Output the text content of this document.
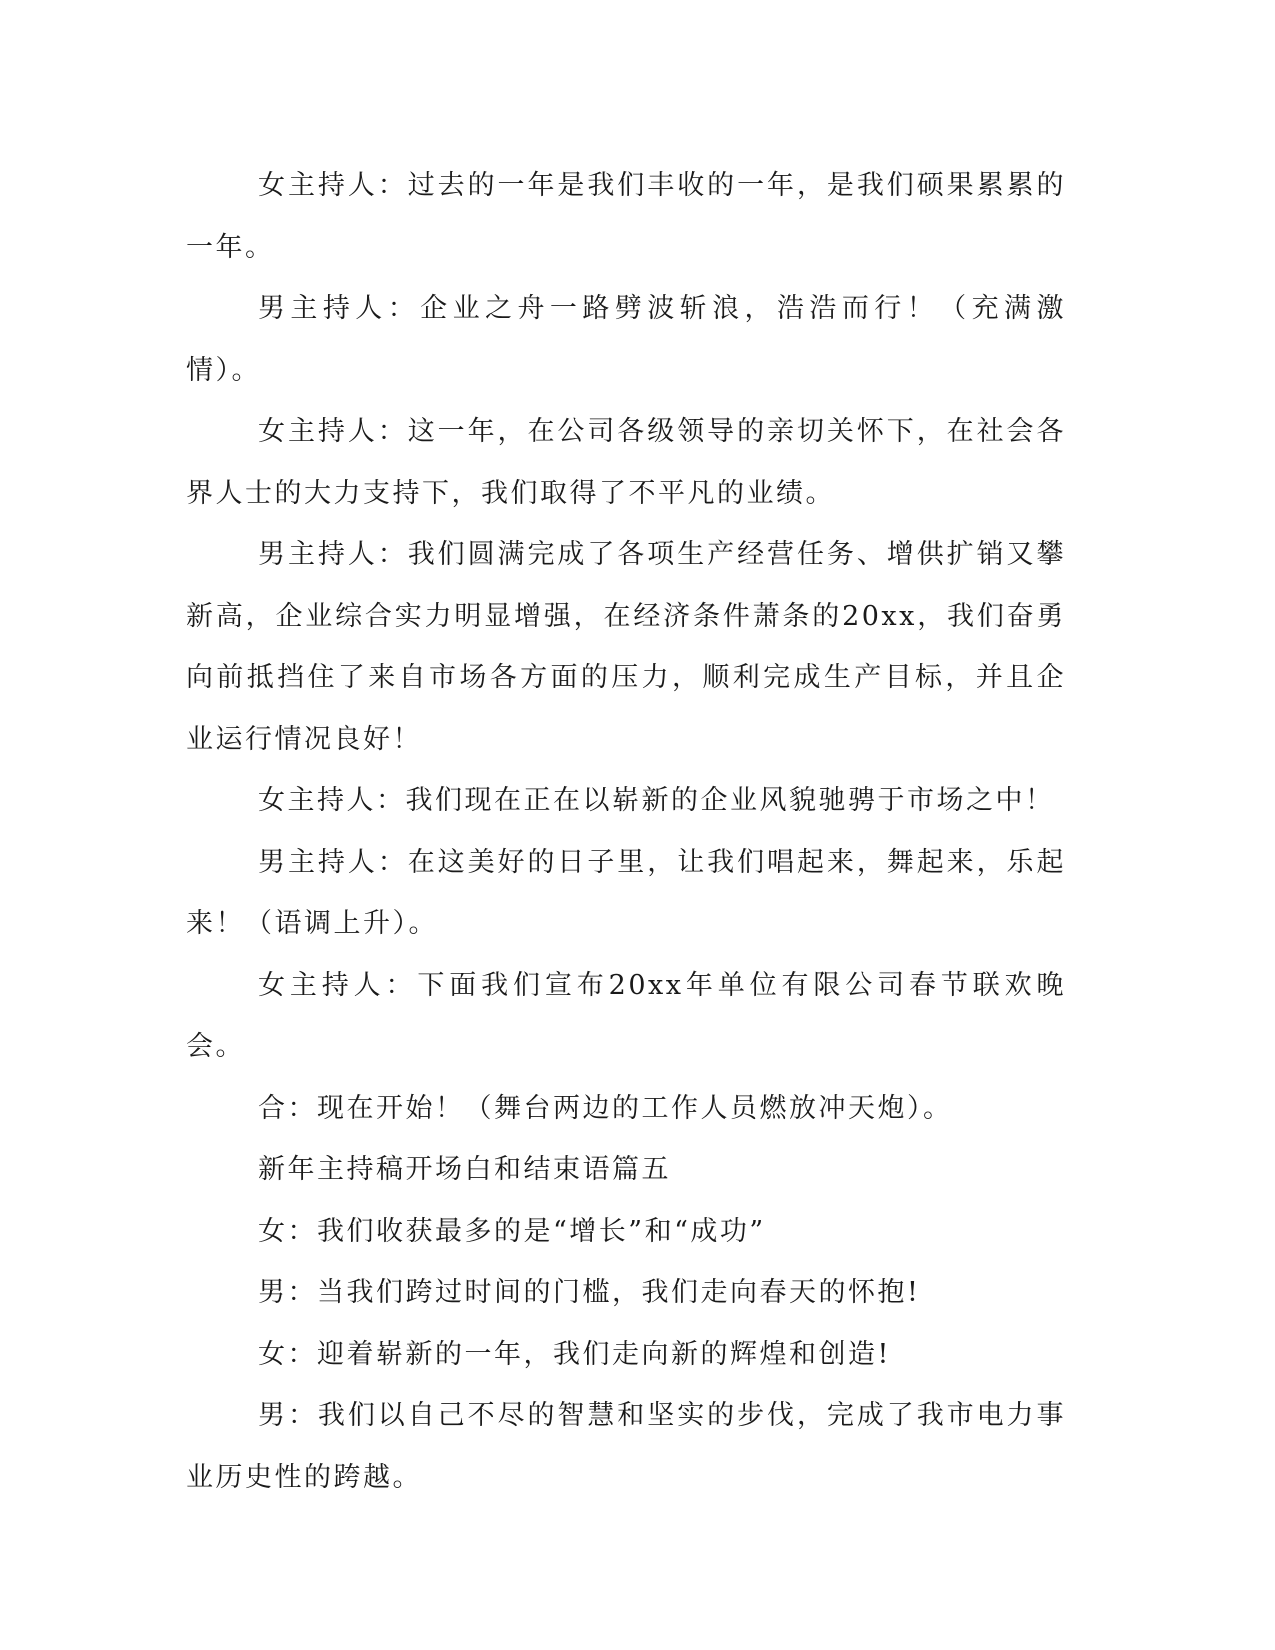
女主持人：过去的一年是我们丰收的一年，是我们硕果累累的一年。

男主持人：企业之舟一路劈波斩浪，浩浩而行！（充满激情）。

女主持人：这一年，在公司各级领导的亲切关怀下，在社会各界人士的大力支持下，我们取得了不平凡的业绩。

男主持人：我们圆满完成了各项生产经营任务、增供扩销又攀新高，企业综合实力明显增强，在经济条件萧条的20xx，我们奋勇向前抵挡住了来自市场各方面的压力，顺利完成生产目标，并且企业运行情况良好！

女主持人：我们现在正在以崭新的企业风貌驰骋于市场之中！

男主持人：在这美好的日子里，让我们唱起来，舞起来，乐起来！（语调上升）。

女主持人：下面我们宣布20xx年单位有限公司春节联欢晚会。

合：现在开始！（舞台两边的工作人员燃放冲天炮）。

新年主持稿开场白和结束语篇五

女：我们收获最多的是“增长”和“成功”

男：当我们跨过时间的门槛，我们走向春天的怀抱!

女：迎着崭新的一年，我们走向新的辉煌和创造!

男：我们以自己不尽的智慧和坚实的步伐，完成了我市电力事业历史性的跨越。
